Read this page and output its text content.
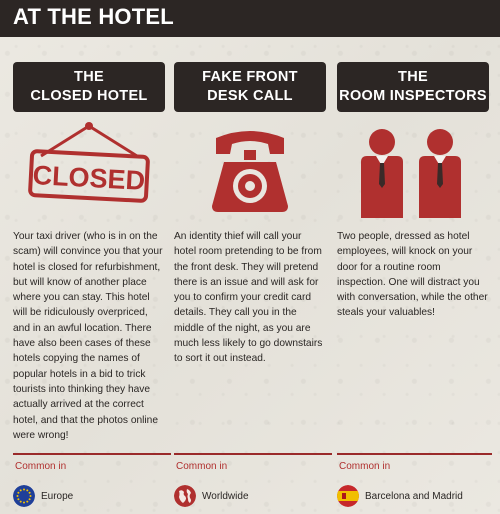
AT THE HOTEL
THE
CLOSED HOTEL
CLOSED
Your taxi driver (who is in on the scam) will convince you that your hotel is closed for refurbishment, but will know of another place where you can stay. This hotel will be ridiculously overpriced, and in an awful location. There have also been cases of these hotels copying the names of popular hotels in a bid to trick tourists into thinking they have actually arrived at the correct hotel, and that the photos online were wrong!
Common in
Europe
FAKE FRONT
DESK CALL
An identity thief will call your hotel room pretending to be from the front desk. They will pretend there is an issue and will ask for you to confirm your credit card details. They call you in the middle of the night, as you are much less likely to go downstairs to sort it out instead.
Common in
Worldwide
THE
ROOM INSPECTORS
Two people, dressed as hotel employees, will knock on your door for a routine room inspection. One will distract you with conversation, while the other steals your valuables!
Common in
Barcelona and Madrid
